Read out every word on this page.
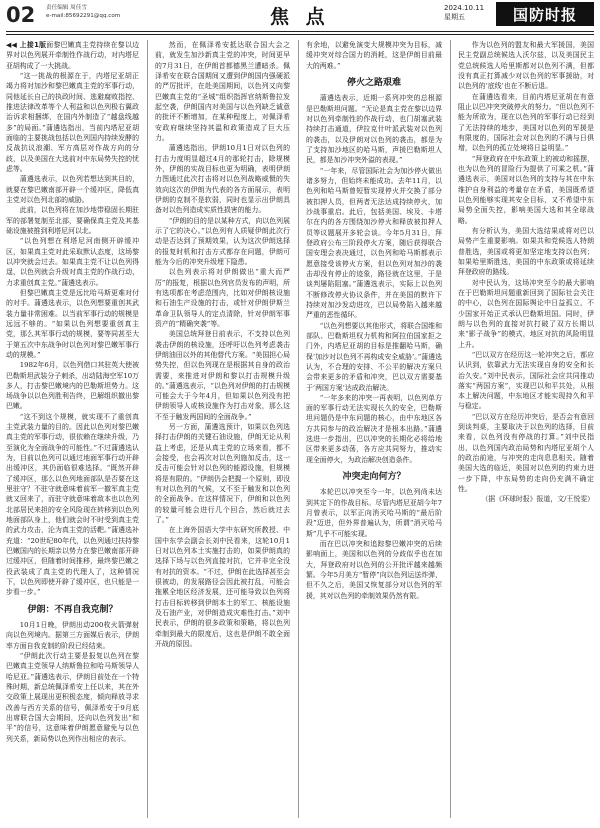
02 责任编辑 周佳雪
e-mail:85692291@qq.com	焦 点	2024.10.11
星期五	国防时报

◀◀ 上接1版面黎巴嫩真主党持续在黎以边界对以色列展开牵制性作战行动，对内塔尼亚胡构成了一大挑战。

“这一挑战的根源在于，内塔尼亚胡正竭力将对加沙和黎巴嫩真主党的军事行动，同他延长自己的执政时间、逃避腐败指控、推进法律改革等个人利益和以色列极右翼政治诉求相捆绑，在国内外制造了“越盘线越多”的局面。”蒲遴选指出，当前内塔尼亚胡面临的主要挑战包括以色列国内持续发酵的反战抗议浪潮、军方高层对作战方向的分歧，以及美国在大选前对中东局势失控的忧虑等。

蒲遴选表示，以色列若想达到其目的，就要在黎巴嫩南部开辟一个缓冲区，降低真主党对以色列北部的威胁。

此前，以色列将在加沙地带稳固长期驻军的部署复制至北部，要确保真主党及其基础设施被推到利塔尼河以北。

“以色列想在利塔尼河南侧开辟缓冲区，如果真主党对此采取默认态度，这场黎以冲突就会过去。如果真主党不让以色列得逞，以色列就会升级对真主党的作战行动，力求重创真主党。”蒲遴选表示。

但黎巴嫩真主党是远比哈马斯更难对付的对手。蒲遴选表示，以色列想要重创其武装力量非常困难。以当前军事行动的规模是远远不够的。“如果以色列想要重创真主党，那么其军事行动的规模，要等同甚至大于第五次中东战争时以色列对黎巴嫩军事行动的规模。”

1982年6月，以色列借口其驻英大使被巴勒斯坦武装分子刺杀，出动陆海空军10万多人，打击黎巴嫩境内的巴勒斯坦势力。这场战争以以色列胜利告终，巴解组织撤出黎巴嫩。

“这不到这个规模，就实现不了重创真主党武装力量的目的。因此以色列对黎巴嫩真主党的军事行动，很依赖在继续升级，乃至演化为全面战争的可能性。”不过蒲遴选认为，目前以色列可以通过地面军事行动开辟出缓冲区，其仍面临很难选择。“既然开辟了缓冲区，那么以色列地面部队是否要在这里驻守？不驻守就意味着前军一撤军真主党就又回来了，而驻守就意味着敌本也以色列北部居民来担的安全风险现在转移到以色列地面部队身上，他们就会时不时受到真主党的武力攻击，沦为真主党的活靶。”蒲遴选补充道：“20世纪80年代，以色列通过扶持黎巴嫩国内的长期亲以势力在黎巴嫩南部开辟过缓冲区，但随着时间推移，最终黎巴嫩之役武装成了真主党的代理人了，这种情况下，以色列即使开辟了缓冲区，也只能是一步看一步。”

伊朗：不再自我克制？

10月1日晚，伊朗出动200枚火箭弹射向以色列境内。据第三方面媒后表示，伊朗率方面自我克制的阶段已经结束。

“伊朗此次行动主要是报复以色列在黎巴嫩真主党领导人纳斯鲁拉和哈马斯领导人哈尼亚。”蒲遴选表示，伊朗目前处在一个特殊时期，新总统佩泽希安上任以来，其在外交政策上展现出更积极态度，倾向释放寻求改善与西方关系的信号，佩泽希安于9月底出席联合国大会期间，还向以色列发出“和平”的信号，这意味着伊朗愿意避免与以色列关系，新局势以色列作出相应的表示。

然而，在佩泽希安抵达联合国大会之前，就发生加沙新真主党的冲突，时间更早的7月31日，在伊朗首都德黑兰遭暗杀。佩泽希安在联合国期间又遭到伊朗国内强硬派的严厉批评，在赴美国期间，以色列又向黎巴嫩真主党的“圣城”组织指挥官纳斯鲁拉发起空袭，伊朗国内对美国与以色列缺乏诚意的批评不断增加，在某种程度上，对佩泽希安政府继续坚持其温和政策造成了巨大压力。

蒲遴选指出，伊朗10月1日对以色列的打击力度明显超过4月的那轮打击，除规模外，伊朗的实战目标也更为明确，表明伊朗力图通过此次打击将对以色列战略威慑的失效向这次的伊朗为代表的各方面展示，表明伊朗的克制不是软弱，同时也显示出伊朗具备对以色列造成实质性损害的能力。

“伊朗的目的是以某种方式，向以色列展示了它的决心。”以色列有人质疑伊朗此次行动是否达到了预期效果，认为这次伊朗选择的报复时机和打击方式都存在问题，伊朗可能为今后的冲突升级埋下隐患。

以色列表示将对伊朗做出“重大而严厉”的报复，根据以色列官员发布的声明，所有选项都在考虑范围内，比如对伊朗核设施和石油生产设施的打击，或针对伊朗伊斯兰革命卫队领导人的定点清除，针对伊朗军事资产的“精确突袭”等。

美国总统拜登日前表示，不支持以色列袭击伊朗的核设施，还呼吁以色列考虑袭击伊朗油田以外的其他替代方案。“美国担心局势失控，但以色列现在是根据其自身的政治需要，来推进对伊朗和黎以打击规模升级的。”蒲遴选表示，“以色列对伊朗的打击规模可能会大于今年4月，但如果以色列没有把伊朗领导人或核设施作为打击对象，那么这不至于触发两国间的全面战争。”

另一方面，蒲遴选预计，如果以色列选择打击伊朗的关键石油设施，伊朗无论从利益上考虑，还是从真主党的立场来看，都不会接受，也会再次对以色列施加反击，这一反击可能会针对以色列的能源设施，但规模将是有限的。“伊朗仍会把握一个原则，即没有对以色列的气候，又不至于触发和以色列的全面战争。在这样情况下，伊朗和以色列的较量可能会进行几个回合，然后就过去了。”

在上海外国语大学中东研究所教授、中国中东学会副会长刘中民看来，这轮10月1日对以色列本土实施打击的，如果伊朗真的选择下场与以色列直接对抗，它并非完全没有对抗的资本。“不过，伊朗在此选择甚至会很被动，的发展路径会因此被打乱，可能会拖累全地区经济发展，还可能导致以色列将打击目标转移到伊朗本土的军工、核能设施及石油产业，对伊朗造成灾难性打击。”刘中民表示，伊朗的很多政策和策略，将以色列牵制到最大的限度后，这也是伊朗不敢全面开战的原因。

有余地，以避免演变大规模冲突为目标，减缓冲突对综合国力的消耗，这是伊朗目前最大的两难。”

停火之路艰难

蒲遴选表示，近期一系列冲突的总根源是巴勒斯坦问题。“无论是真主党在黎以边界对以色列牵制性的作战行动，也门胡塞武装持续打击通道，伊拉克什叶派武装对以色列的袭击，以及伊朗对以色列的袭击，都是为了支持加沙地区的哈马斯，声援巴勒斯坦人民，都是加沙冲突外溢的表现。”

“一年来，尽管国际社会为加沙停火做出诸多努力，但始终未能成功。去年11月，以色列和哈马斯曾短暂实现停火并交换了部分被扣押人员，但两者无法达成持续停火，加沙战事重启。此后，包括美国、埃及、卡塔尔在内的各方围绕加沙停火和释放被扣押人员等议题展开多轮会谈。今年5月31日，拜登政府公布三阶段停火方案，随后获得联合国安理会表决通过，以色列和哈马斯都表示愿意接受该停火方案，但以色列对加沙的袭击却没有停止的迹象，路径就在这里，于是谈判屡陷阻塞。”蒲遴选表示，实际上以色列不断修改停火协议条件，并在美国的默许下持续对加沙发动进攻，巴以局势陷入越来越严重的恶性循环。

“以色列想要以其他形式，将联合国维和部队、巴勒斯坦权力机构和阿拉伯国家拒之门外，内塔尼亚胡的目标是推翻哈马斯，确保‘加沙对以色列不再构成安全威胁’。”蒲遴选认为，不合理的安排、不公平的解决方案只会带来更多的矛盾和冲突，巴以双方需要基于‘两国方案’达成政治解决。

“一年多来的冲突一再表明，以色列单方面的军事行动无法实现长久的安全，巴勒斯坦问题仍是中东问题的核心，由中东地区各方共同参与的政治解决才是根本出路。”蒲遴选进一步指出，巴以冲突的长期化必将给地区带来更多动荡，各方应共同努力，推动实现全面停火，为政治解决创造条件。

冲突走向何方？

本轮巴以冲突至今一年，以色列尚未达到其定下的作战目标。尽管内塔尼亚胡今年7月曾表示，以军正向消灭哈马斯的“最后阶段”迈进，但外界普遍认为，所谓“消灭哈马斯”几乎不可能实现。

而在巴以冲突和追踪黎巴嫩冲突的后续影响面上，美国和以色列的分歧似乎也在加大，拜登政府对以色列的公开批评越来越频繁。今年5月美方“暂停”向以色列运送炸弹，但不久之后，美国又恢复部分对以色列的军援，其对以色列的牵制效果仍然有限。

作为以色列的盟友和最大军援国，美国民主党副总统候选人沃尔兹，以及美国民主党总统候选人哈里斯都对以色列不满，但都没有真正打算减少对以色列的军事援助，对以色列的‘底线’也在不断后退。

在蒲遴选看来，目前内塔尼亚胡在有意阻止以巴冲突突破停火的努力。“但以色列不能为所欲为，现在以色列的军事行动已经到了无法持续的地步，美国对以色列的军援是有限度的，国际社会对以色列的不满与日俱增，以色列的孤立处境将日益明显。”

“拜登政府在中东政策上的被动和摇摆，也为以色列的冒险行为提供了可乘之机。”蒲遴选表示，美国对以色列的支持与其在中东维护自身利益的考量存在矛盾，美国既希望以色列能够实现其安全目标，又不希望中东局势全面失控，影响美国大选和其全球战略。

有分析认为，美国大选结果或将对巴以局势产生重要影响。如果共和党候选人特朗普胜选，美国或将更加坚定地支持以色列；如果哈里斯胜选，美国的中东政策或将延续拜登政府的路线。

对中民认为，这场冲突至今的最大影响在于巴勒斯坦问题重新回到了国际社会关注的中心，以色列在国际舆论中日益孤立，不少国家开始正式承认巴勒斯坦国。同时，伊朗与以色列的直接对抗打破了双方长期以来“影子战争”的模式，地区对抗的风险明显上升。

“巴以双方在经历这一轮冲突之后，都应认识到，依靠武力无法实现自身的安全和长治久安。”刘中民表示，国际社会应共同推动落实“两国方案”，实现巴以和平共处，从根本上解决问题，中东地区才能实现持久和平与稳定。

“巴以双方在经历冲突后，是否会有意回到谈判桌，主要取决于以色列的选择，目前来看，以色列没有停战的打算。”刘中民指出，以色列国内政治局势和内塔尼亚胡个人的政治前途，与冲突的走向息息相关。随着美国大选的临近，美国对以色列的约束力进一步下降，中东局势的走向仍充满不确定性。

（据《环球时报》报道，文/王悦雯）
